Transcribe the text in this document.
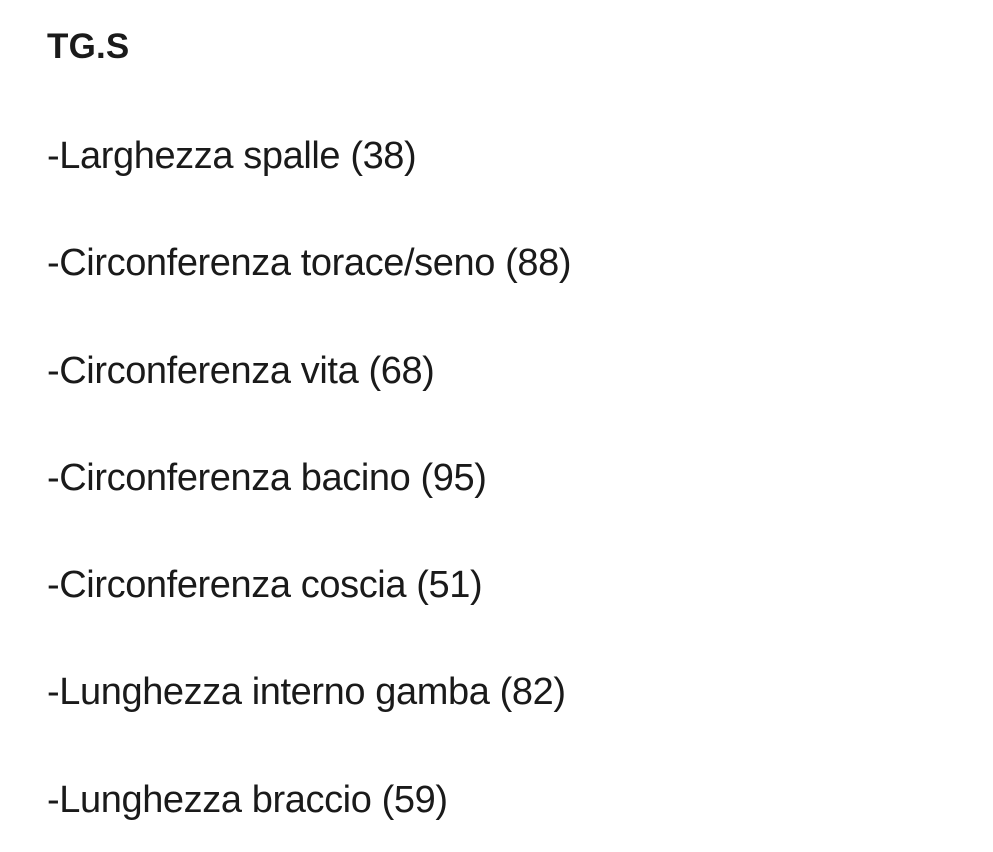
TG.S

-Larghezza spalle (38)

-Circonferenza torace/seno (88)

-Circonferenza vita (68)

-Circonferenza bacino (95)

-Circonferenza coscia (51)

-Lunghezza interno gamba (82)

-Lunghezza braccio (59)
